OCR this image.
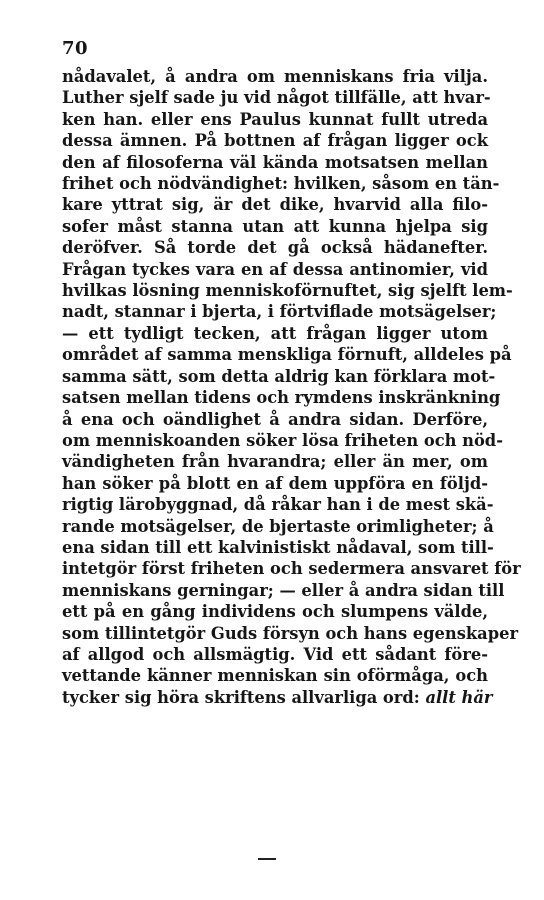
70
nådavalet, å andra om menniskans fria vilja.
Luther sjelf sade ju vid något tillfälle, att hvar-
ken han. eller ens Paulus kunnat fullt utreda
dessa ämnen. På bottnen af frågan ligger ock
den af filosoferna väl kända motsatsen mellan
frihet och nödvändighet: hvilken, såsom en tän-
kare yttrat sig, är det dike, hvarvid alla filo-
sofer måst stanna utan att kunna hjelpa sig
deröfver. Så torde det gå också hädanefter.
Frågan tyckes vara en af dessa antinomier, vid
hvilkas lösning menniskoförnuftet, sig sjelft lem-
nadt, stannar i bjerta, i förtviflade motsägelser;
— ett tydligt tecken, att frågan ligger utom
området af samma menskliga förnuft, alldeles på
samma sätt, som detta aldrig kan förklara mot-
satsen mellan tidens och rymdens inskränkning
å ena och oändlighet å andra sidan. Derföre,
om menniskoanden söker lösa friheten och nöd-
vändigheten från hvarandra; eller än mer, om
han söker på blott en af dem uppföra en följd-
rigtig lärobyggnad, då råkar han i de mest skä-
rande motsägelser, de bjertaste orimligheter; å
ena sidan till ett kalvinistiskt nådaval, som till-
intetgör först friheten och sedermera ansvaret för
menniskans gerningar; — eller å andra sidan till
ett på en gång individens och slumpens välde,
som tillintetgör Guds försyn och hans egenskaper
af allgod och allsmägtig. Vid ett sådant före-
vettande känner menniskan sin oförmåga, och
tycker sig höra skriftens allvarliga ord: allt här
